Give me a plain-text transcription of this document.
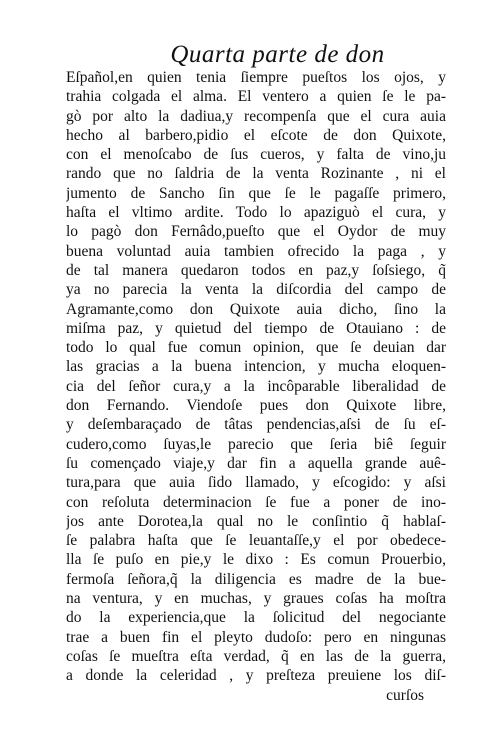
Quarta parte de don
Eſpañol,en quien tenia ſiempre pueſtos los ojos, y
trahia colgada el alma. El ventero a quien ſe le pa-
gò por alto la dadiua,y recompenſa que el cura auia
hecho al barbero,pidio el eſcote de don Quixote,
con el menoſcabo de ſus cueros, y falta de vino,ju
rando que no ſaldria de la venta Rozinante , ni el
jumento de Sancho ſin que ſe le pagaſſe primero,
haſta el vltimo ardite. Todo lo apaziguò el cura, y
lo pagò don Fernâdo,pueſto que el Oydor de muy
buena voluntad auia tambien ofrecido la paga , y
de tal manera quedaron todos en paz,y ſoſsiego, q̃
ya no parecia la venta la diſcordia del campo de
Agramante,como don Quixote auia dicho, ſino la
miſma paz, y quietud del tiempo de Otauiano : de
todo lo qual fue comun opinion, que ſe deuian dar
las gracias a la buena intencion, y mucha eloquen-
cia del ſeñor cura,y a la incôparable liberalidad de
don Fernando. Viendoſe pues don Quixote libre,
y deſembaraçado de tâtas pendencias,aſsi de ſu eſ-
cudero,como ſuyas,le parecio que ſeria biê ſeguir
ſu començado viaje,y dar fin a aquella grande auê-
tura,para que auia ſido llamado, y eſcogido: y aſsi
con reſoluta determinacion ſe fue a poner de ino-
jos ante Dorotea,la qual no le conſintio q̃ hablaſ-
ſe palabra haſta que ſe leuantaſſe,y el por obedece-
lla ſe puſo en pie,y le dixo : Es comun Prouerbio,
fermoſa ſeñora,q̃ la diligencia es madre de la bue-
na ventura, y en muchas, y graues coſas ha moſtra
do la experiencia,que la ſolicitud del negociante
trae a buen fin el pleyto dudoſo: pero en ningunas
coſas ſe mueſtra eſta verdad, q̃ en las de la guerra,
a donde la celeridad , y preſteza preuiene los diſ-
curſos
